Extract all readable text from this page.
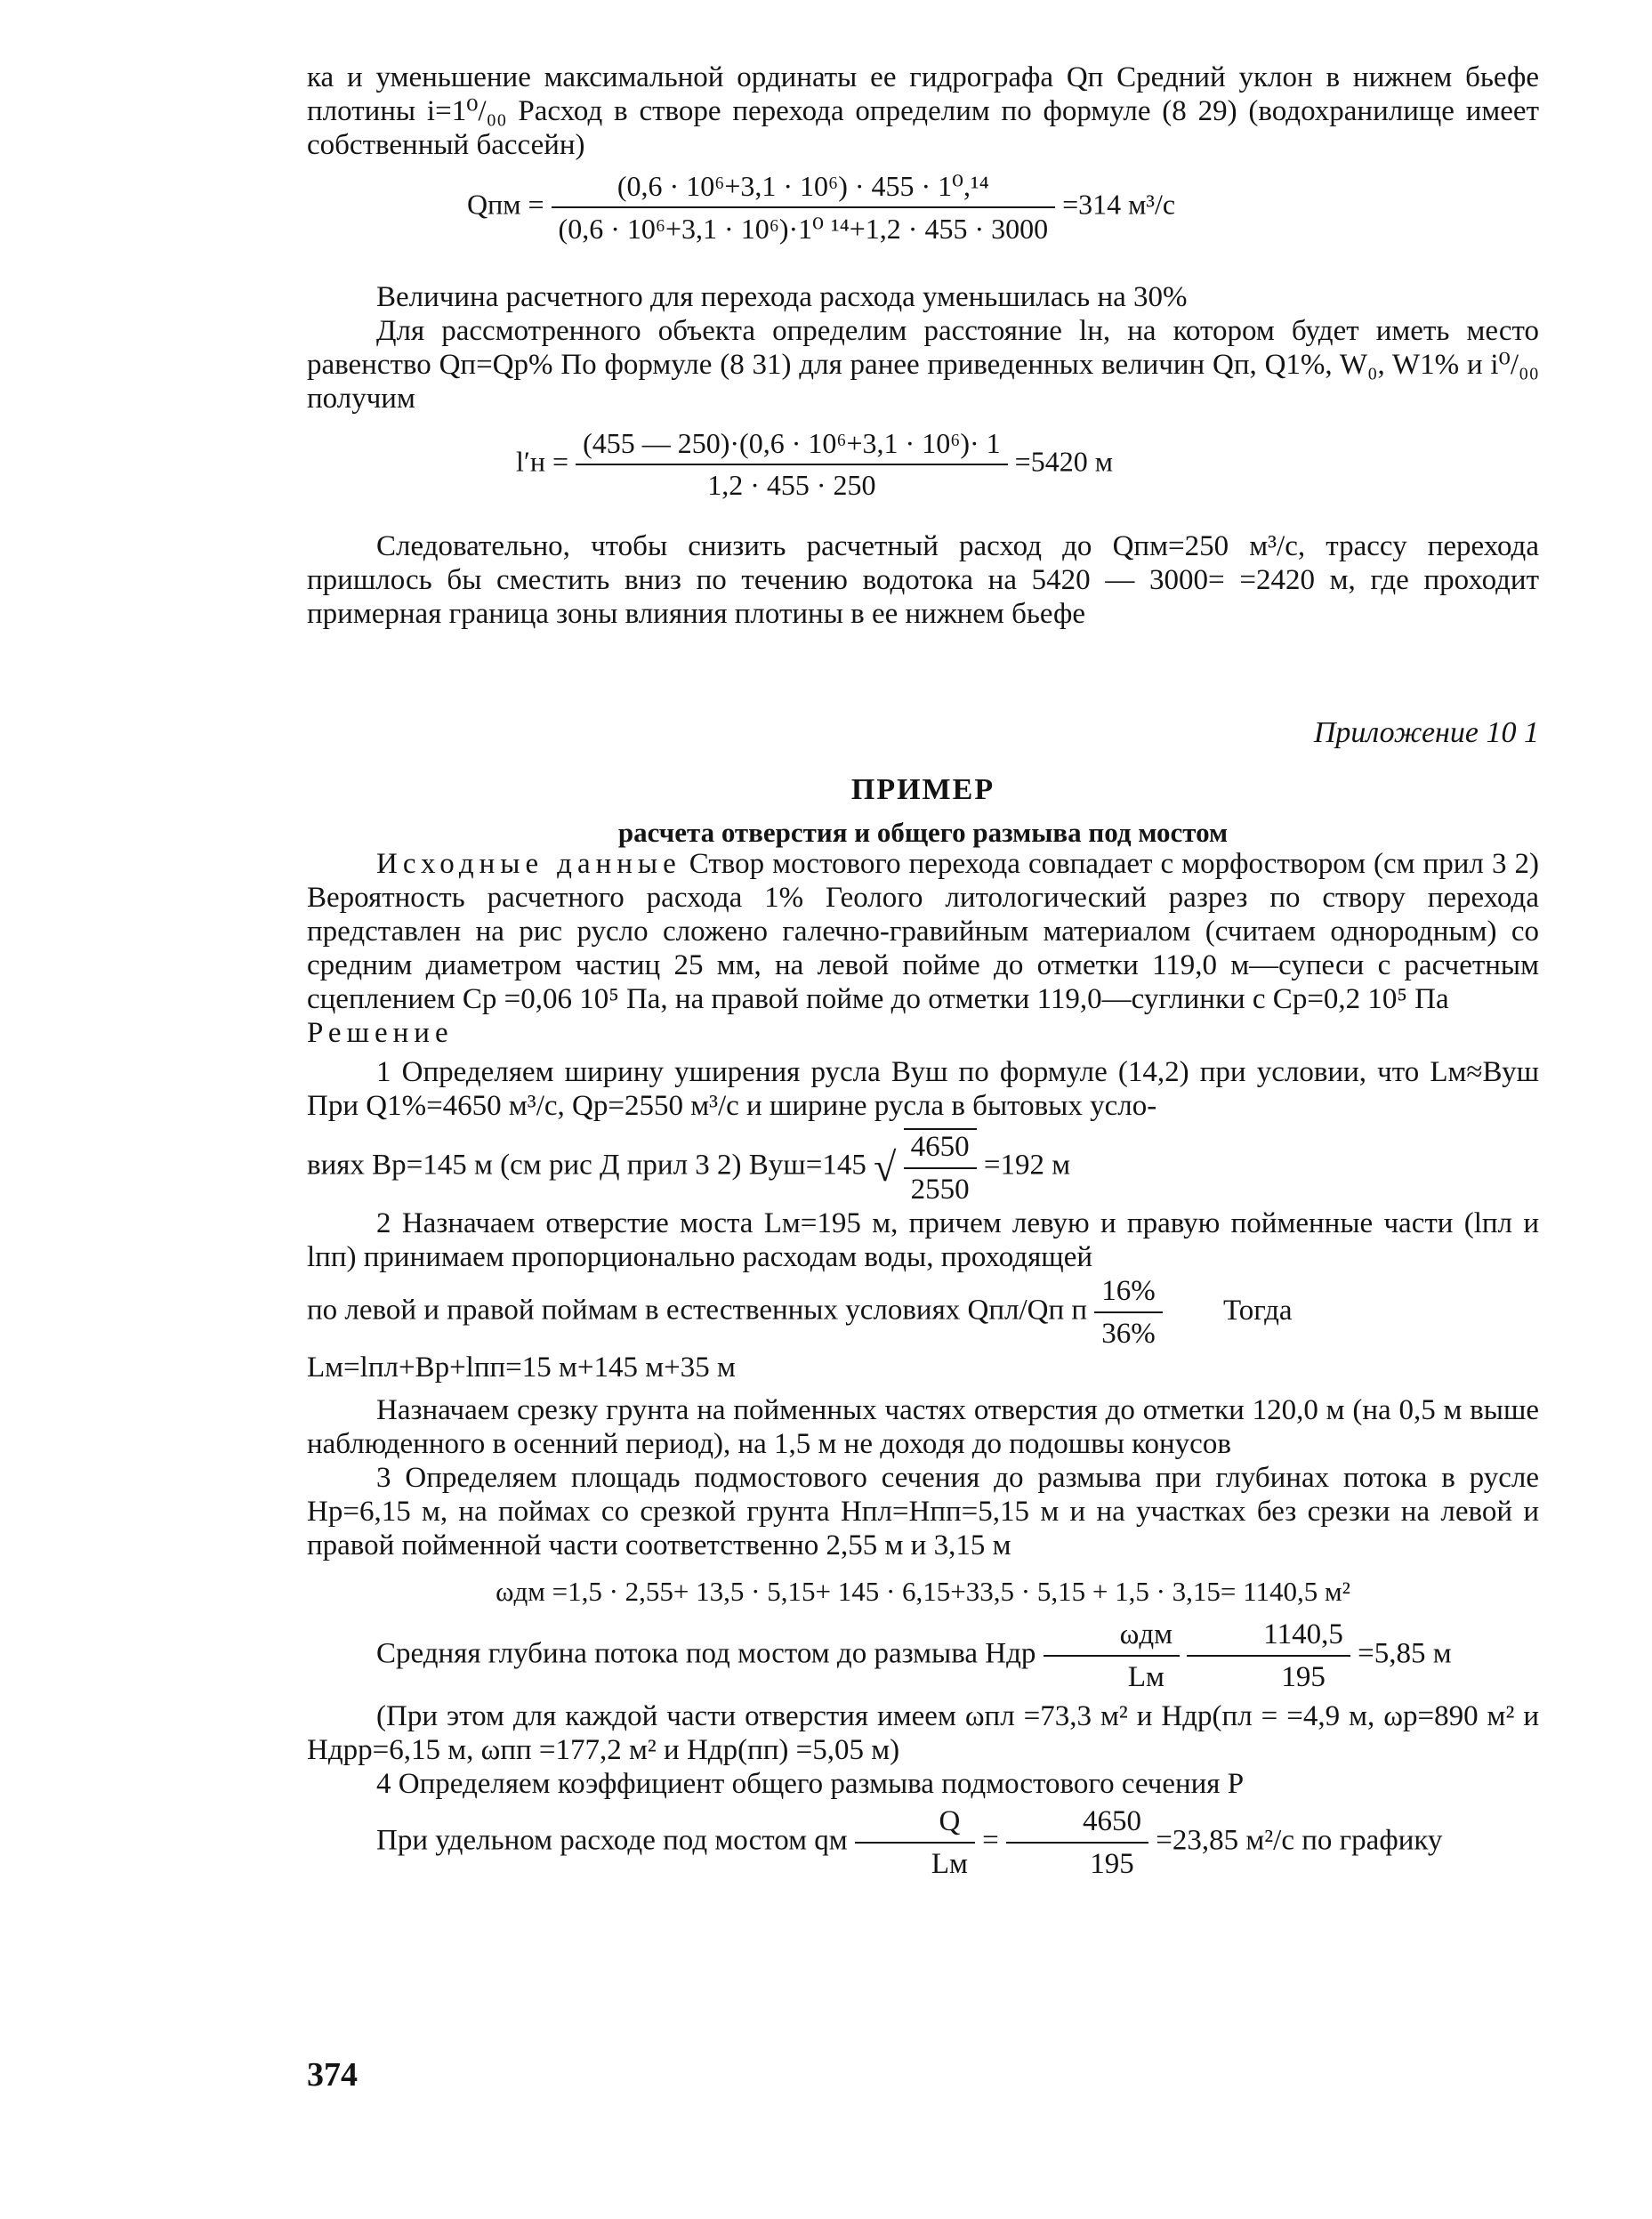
ка и уменьшение максимальной ординаты ее гидрографа Qп Средний уклон в нижнем бьефе плотины i=1⁰/₀₀ Расход в створе перехода определим по формуле (8 29) (водохранилище имеет собственный бассейн)

Qпм = $\frac{\text{(0,6 · 10⁶+3,1 · 10⁶) · 455 · 1⁰,¹⁴}}{\text{(0,6 · 10⁶+3,1 · 10⁶)·1⁰ ¹⁴+1,2 · 455 · 3000}} =314$ м³/с

Величина расчетного для перехода расхода уменьшилась на 30%

Для рассмотренного объекта определим расстояние lн, на котором будет иметь место равенство Qп=Qp% По формуле (8 31) для ранее приведенных величин Qп, Q1%, W₀, W1% и i⁰/₀₀ получим

$l'н = \frac{\text{(455 — 250)·(0,6 · 10⁶+3,1 · 10⁶)· 1}}{1,2 \cdot 455 \cdot 250} =5420$ м

Следовательно, чтобы снизить расчетный расход до Qпм=250 м³/с, трассу перехода пришлось бы сместить вниз по течению водотока на 5420 — 3000= =2420 м, где проходит примерная граница зоны влияния плотины в ее нижнем бьефе

Приложение 10 1

ПРИМЕР

расчета отверстия и общего размыва под мостом

Исходные данные Створ мостового перехода совпадает с морфоствором (см прил 3 2) Вероятность расчетного расхода 1% Геолого литологический разрез по створу перехода представлен на рис русло сложено галечно-гравийным материалом (считаем однородным) со средним диаметром частиц 25 мм, на левой пойме до отметки 119,0 м—супеси с расчетным сцеплением Cр =0,06 10⁵ Па, на правой пойме до отметки 119,0—суглинки с Cр=0,2 10⁵ Па

Решение

1 Определяем ширину уширения русла Вуш по формуле (14,2) при условии, что Lм≈Вуш При Q1%=4650 м³/с, Qр=2550 м³/с и ширине русла в бытовых усло-

виях Bр=145 м (см рис Д прил 3 2) Bуш=145 √ $\frac{4650}{2550} =192$ м

2 Назначаем отверстие моста Lм=195 м, причем левую и правую пойменные части (lпл и lпп) принимаем пропорционально расходам воды, проходящей

по левой и правой поймам в естественных условиях Qпл/Qп п $\frac{16\%}{36\%}$ Тогда

Lм=lпл+Bр+lпп=15 м+145 м+35 м

Назначаем срезку грунта на пойменных частях отверстия до отметки 120,0 м (на 0,5 м выше наблюденного в осенний период), на 1,5 м не доходя до подошвы конусов

3 Определяем площадь подмостового сечения до размыва при глубинах потока в русле Hр=6,15 м, на поймах со срезкой грунта Hпл=Hпп=5,15 м и на участках без срезки на левой и правой пойменной части соответственно 2,55 м и 3,15 м

ωдм =1,5 · 2,55+ 13,5 · 5,15+ 145 · 6,15+33,5 · 5,15 + 1,5 · 3,15= 1140,5 м²

Средняя глубина потока под мостом до размыва Hдр $\frac{\text{ωдм}}{Lм}$
$\frac{1140,5}{195} =5,85$ м

(При этом для каждой части отверстия имеем ωпл =73,3 м² и Hдр(пл = =4,9 м, ωр=890 м² и Hдрр=6,15 м, ωпп =177,2 м² и Hдр(пп) =5,05 м)

4 Определяем коэффициент общего размыва подмостового сечения P

При удельном расходе под мостом qм $\frac{Q}{Lм} = \frac{4650}{195} =23,85$ м²/с по графику

374
